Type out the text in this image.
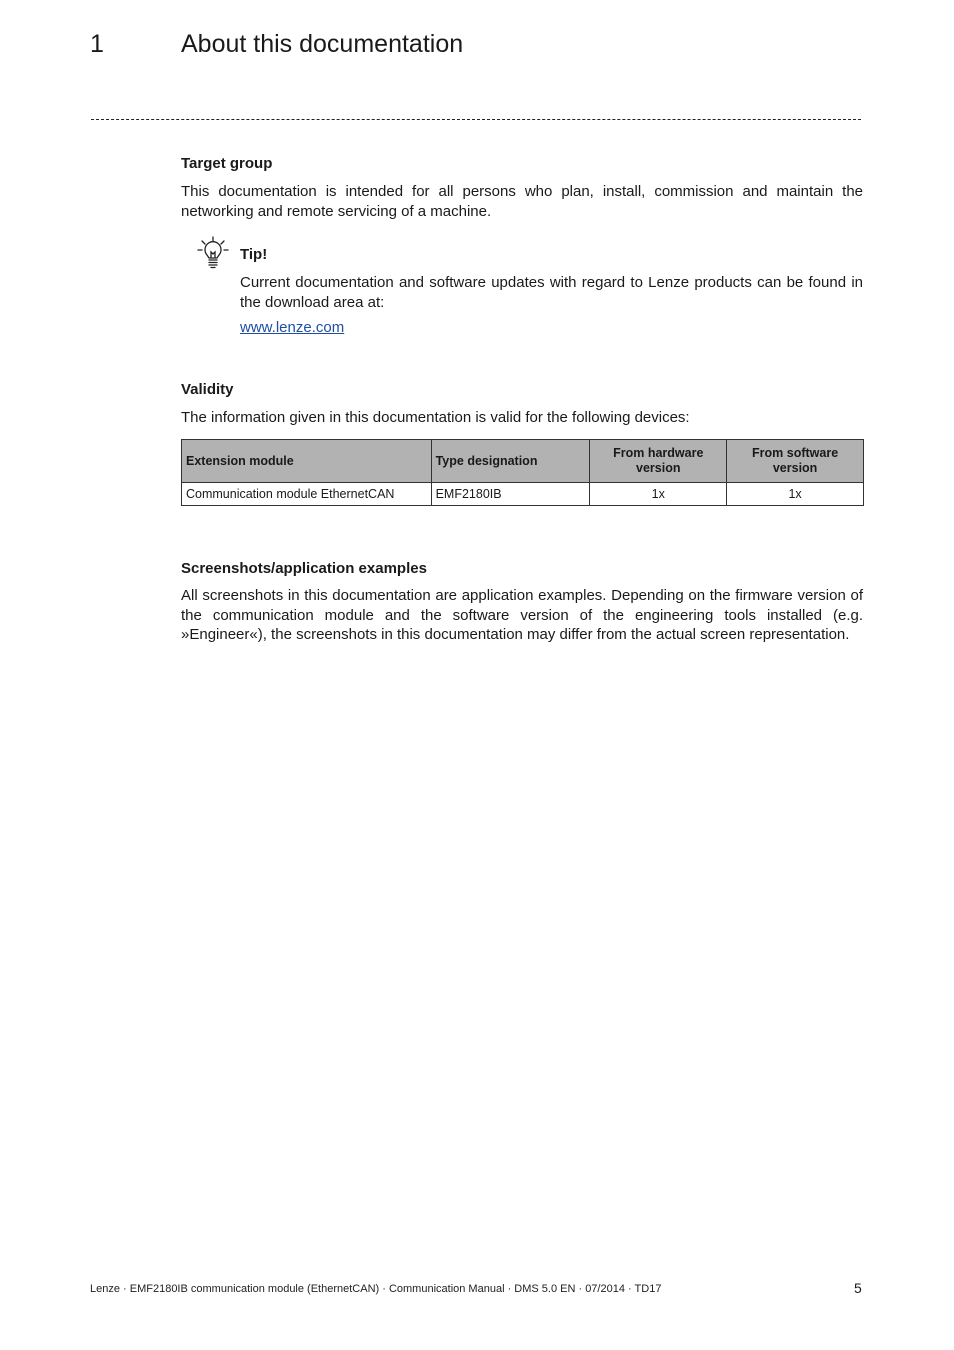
1	About this documentation
Target group

This documentation is intended for all persons who plan, install, commission and maintain the networking and remote servicing of a machine.

Tip!

Current documentation and software updates with regard to Lenze products can be found in the download area at:

www.lenze.com
Validity

The information given in this documentation is valid for the following devices:

Extension module	Type designation	From hardware version	From software version
Communication module EthernetCAN	EMF2180IB	1x	1x
Screenshots/application examples

All screenshots in this documentation are application examples. Depending on the firmware version of the communication module and the software version of the engineering tools installed (e.g. »Engineer«), the screenshots in this documentation may differ from the actual screen representation.

Lenze · EMF2180IB communication module (EthernetCAN) · Communication Manual · DMS 5.0 EN · 07/2014 · TD17	5
